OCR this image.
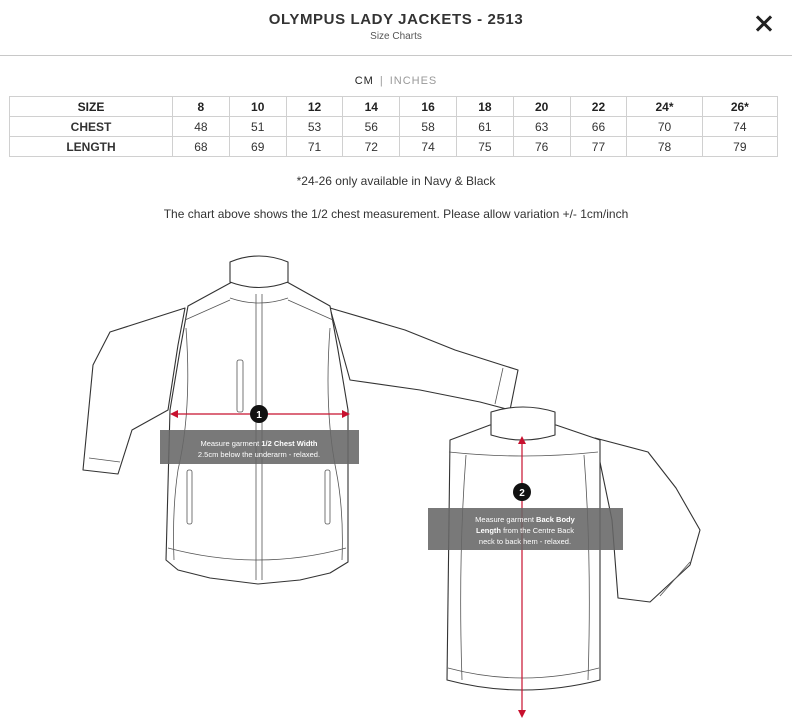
OLYMPUS LADY JACKETS - 2513
Size Charts
CM | INCHES
SIZE	8	10	12	14	16	18	20	22	24*	26*
CHEST	48	51	53	56	58	61	63	66	70	74
LENGTH	68	69	71	72	74	75	76	77	78	79
*24-26 only available in Navy & Black
The chart above shows the 1/2 chest measurement. Please allow variation +/- 1cm/inch
1
Measure garment 1/2 Chest Width
2.5cm below the underarm - relaxed.
2
Measure garment Back Body
Length from the Centre Back
neck to back hem - relaxed.
